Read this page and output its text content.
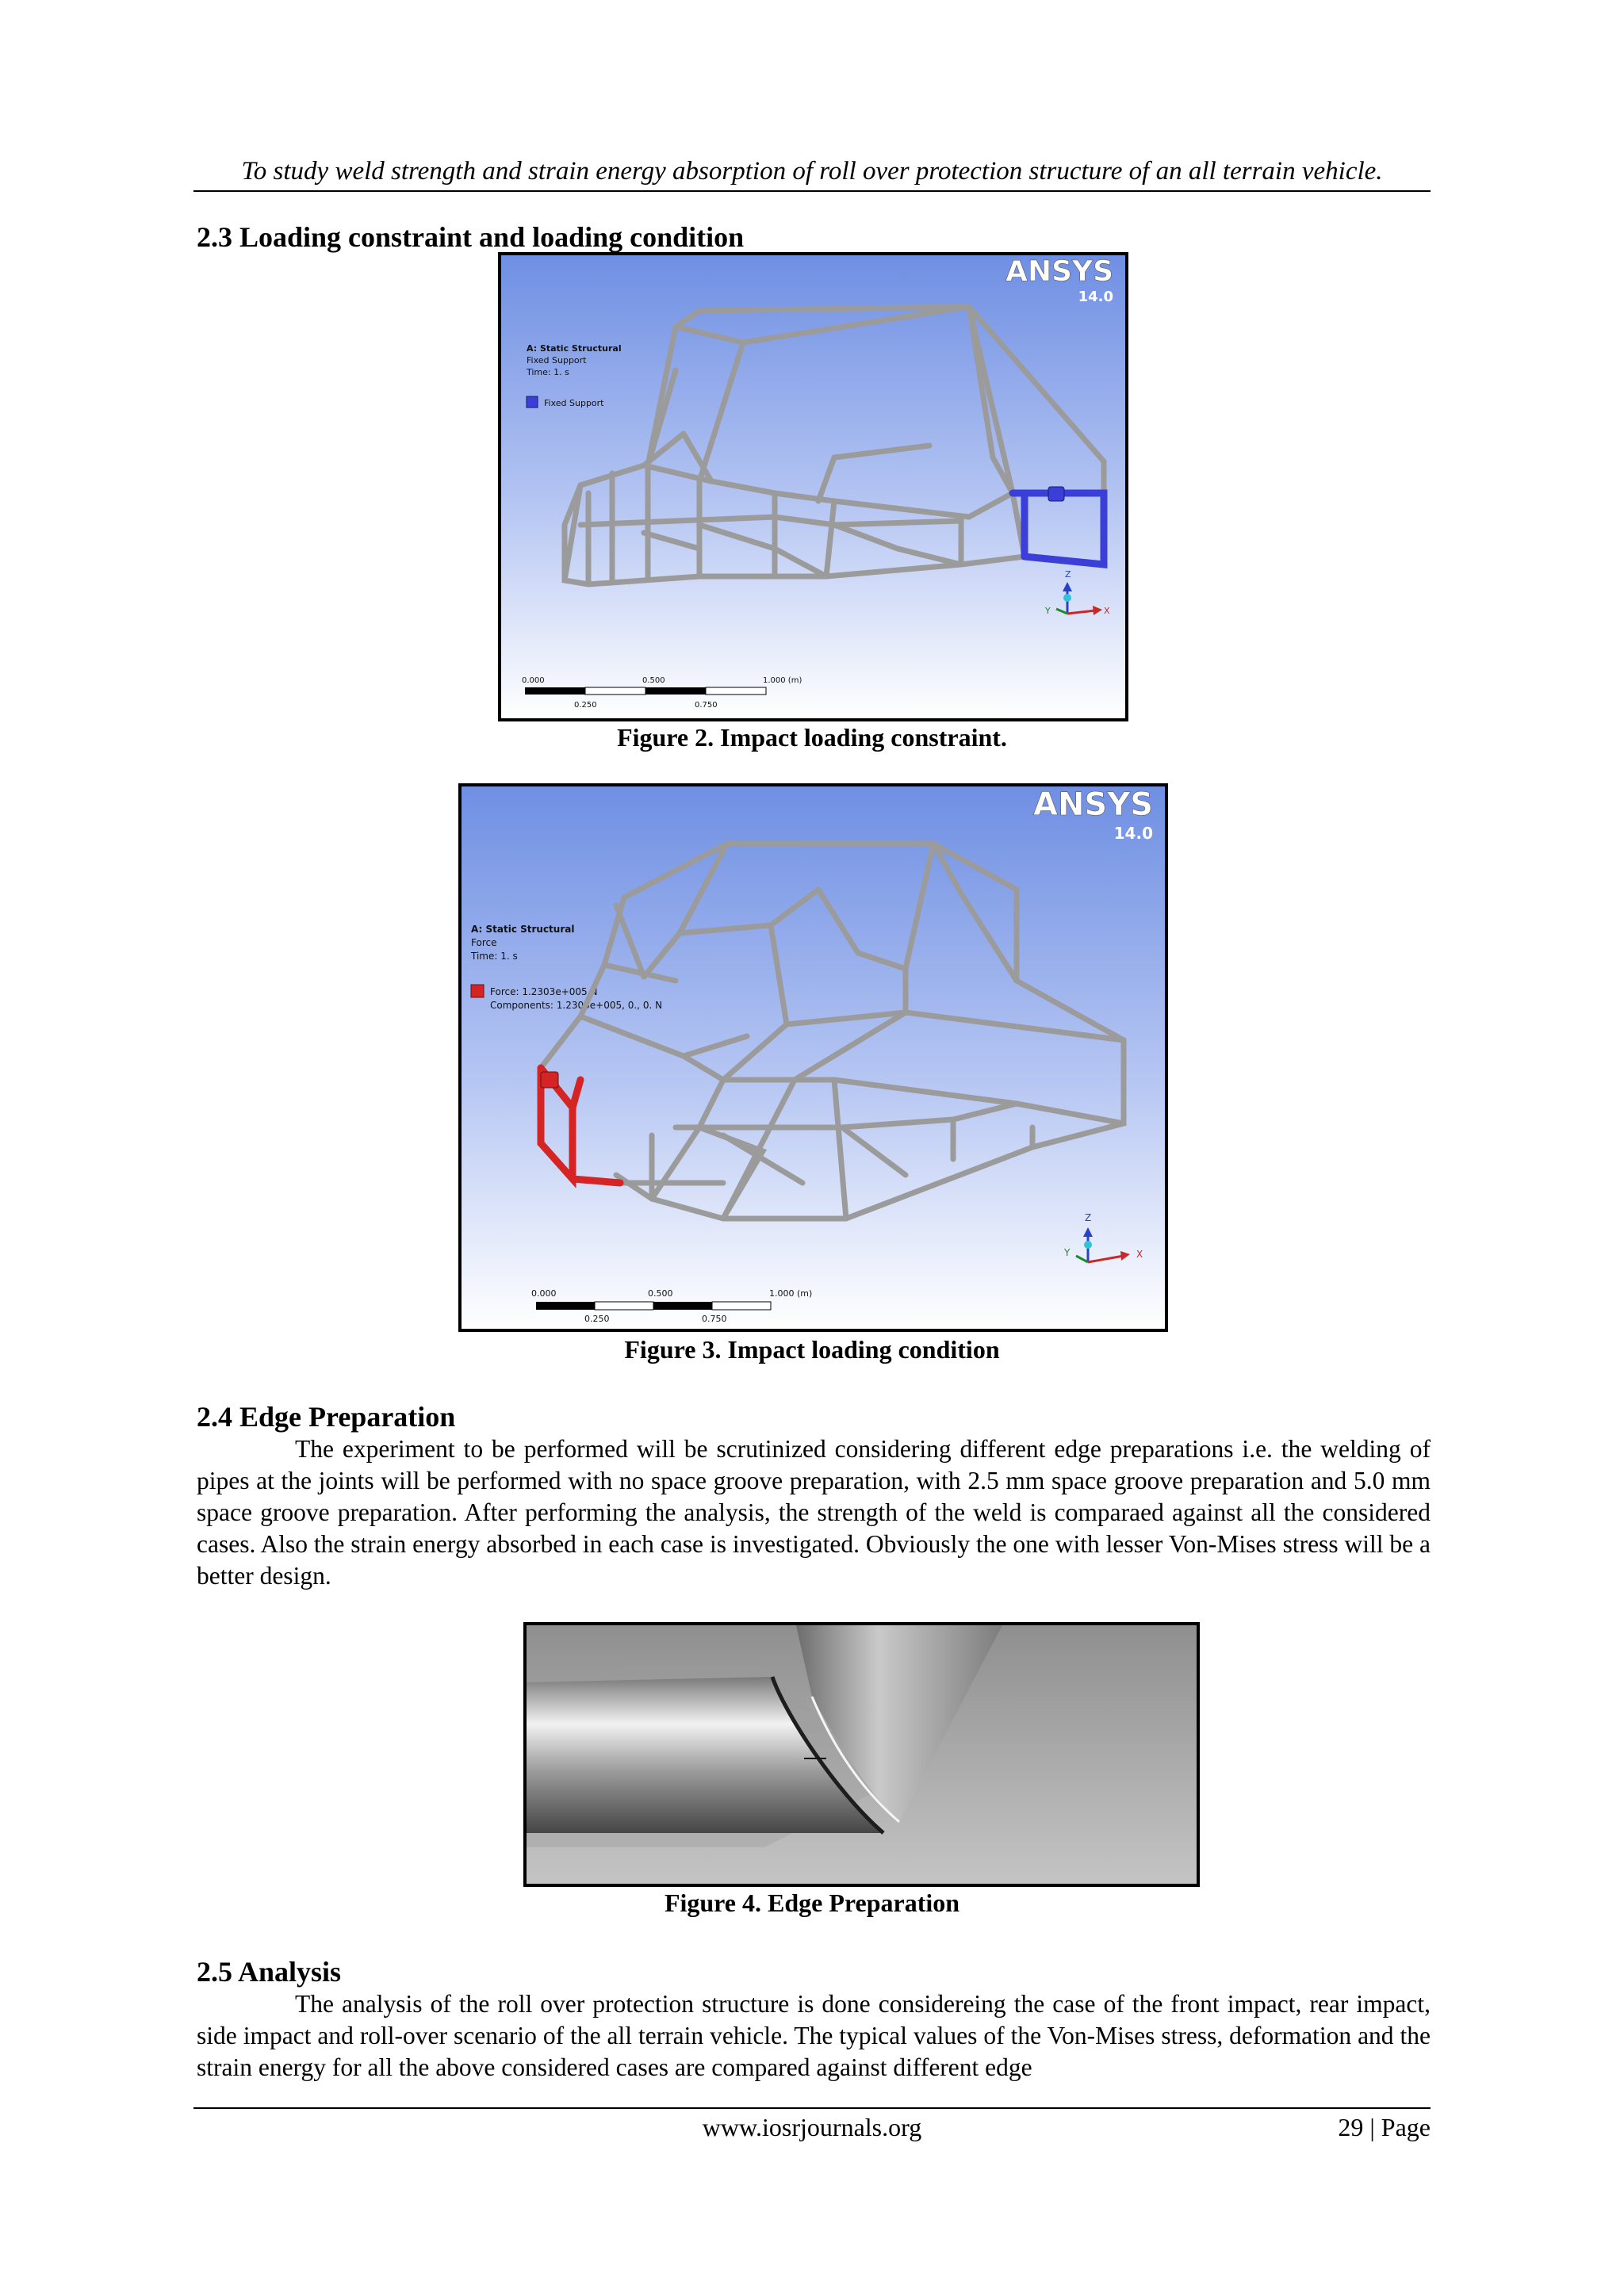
To study weld strength and strain energy absorption of roll over protection structure of an all terrain vehicle.
2.3 Loading constraint and loading condition
ANSYS
14.0
A: Static Structural
Fixed Support
Time: 1. s
Fixed Support
Z
X
Y
0.000	0.500	1.000 (m)
0.250	0.750
Figure 2. Impact loading constraint.
ANSYS
14.0
A: Static Structural
Force
Time: 1. s
Force: 1.2303e+005 N
Components: 1.2303e+005, 0., 0. N
Z
X
Y
0.000	0.500	1.000 (m)
0.250	0.750
Figure 3. Impact loading condition
2.4 Edge Preparation

The experiment to be performed will be scrutinized considering different edge preparations i.e. the welding of pipes at the joints will be performed with no space groove preparation, with 2.5 mm space groove preparation and 5.0 mm space groove preparation. After performing the analysis, the strength of the weld is comparaed against all the considered cases. Also the strain energy absorbed in each case is investigated. Obviously the one with lesser Von-Mises stress will be a better design.

Figure 4. Edge Preparation
2.5 Analysis

The analysis of the roll over protection structure is done considereing the case of the front impact, rear impact, side impact and roll-over scenario of the all terrain vehicle. The typical values of the Von-Mises stress, deformation and the strain energy for all the above considered cases are compared against different edge

www.iosrjournals.org	29 | Page
